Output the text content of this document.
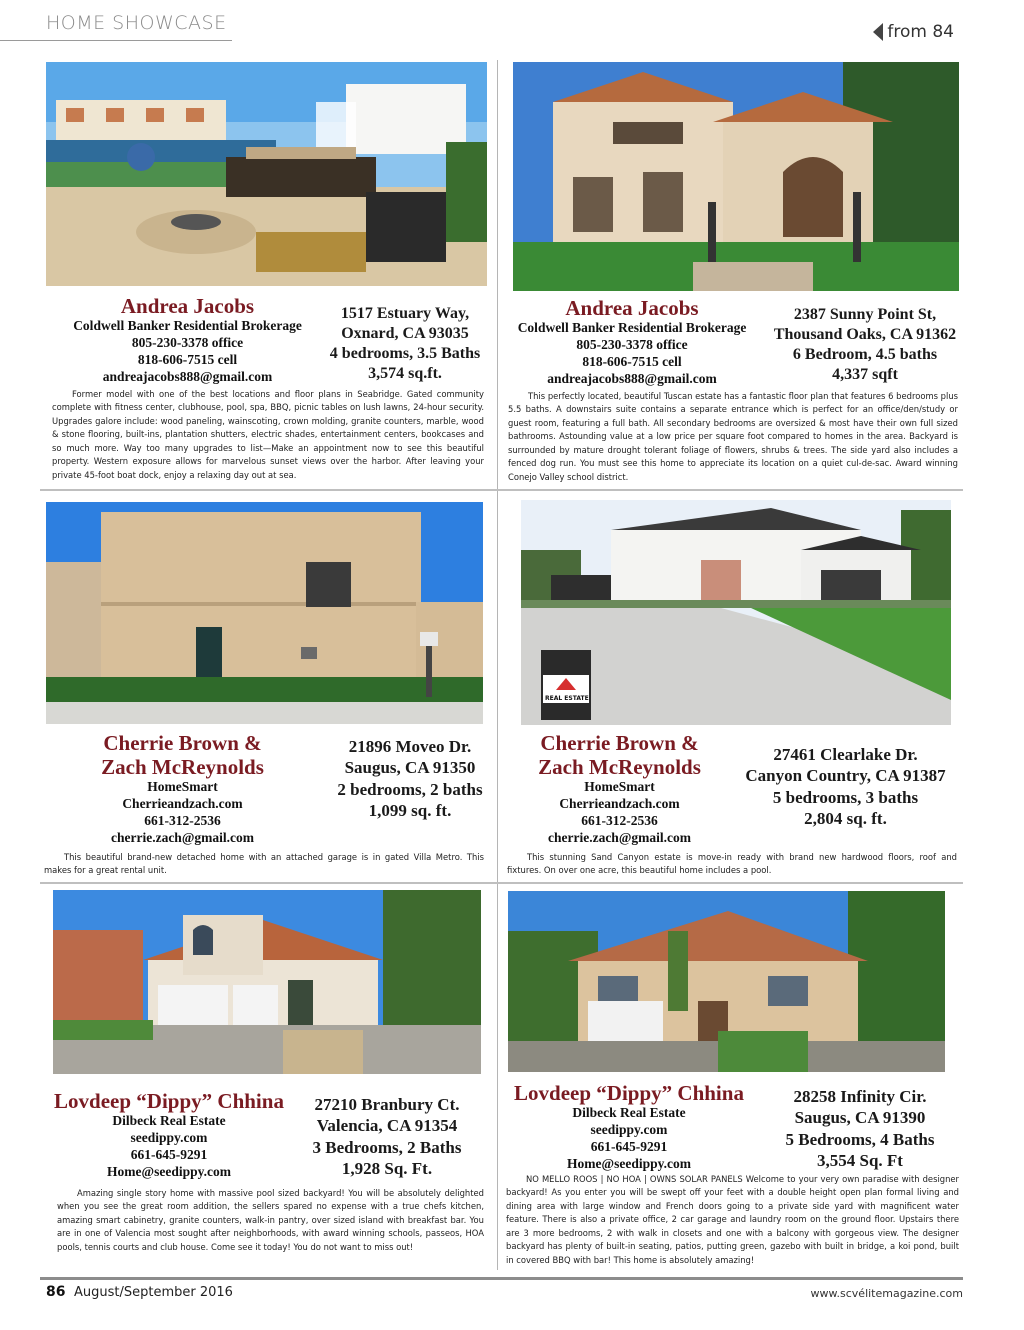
HOME SHOWCASE	from 84
Andrea Jacobs
Coldwell Banker Residential Brokerage
805-230-3378 office
818-606-7515 cell
andreajacobs888@gmail.com
1517 Estuary Way,
Oxnard, CA 93035
4 bedrooms, 3.5 Baths
3,574 sq.ft.
Former model with one of the best locations and floor plans in Seabridge. Gated community complete with fitness center, clubhouse, pool, spa, BBQ, picnic tables on lush lawns, 24-hour security. Upgrades galore include: wood paneling, wainscoting, crown molding, granite counters, marble, wood & stone flooring, built-ins, plantation shutters, electric shades, entertainment centers, bookcases and so much more. Way too many upgrades to list—Make an appointment now to see this beautiful property. Western exposure allows for marvelous sunset views over the harbor. After leaving your private 45-foot boat dock, enjoy a relaxing day out at sea.
Andrea Jacobs
Coldwell Banker Residential Brokerage
805-230-3378 office
818-606-7515 cell
andreajacobs888@gmail.com
2387 Sunny Point St,
Thousand Oaks, CA 91362
6 Bedroom, 4.5 baths
4,337 sqft
This perfectly located, beautiful Tuscan estate has a fantastic floor plan that features 6 bedrooms plus 5.5 baths. A downstairs suite contains a separate entrance which is perfect for an office/den/study or guest room, featuring a full bath. All secondary bedrooms are oversized & most have their own full sized bathrooms. Astounding value at a low price per square foot compared to homes in the area. Backyard is surrounded by mature drought tolerant foliage of flowers, shrubs & trees. The side yard also includes a fenced dog run. You must see this home to appreciate its location on a quiet cul-de-sac. Award winning Conejo Valley school district.
Cherrie Brown &
Zach McReynolds
HomeSmart
Cherrieandzach.com
661-312-2536
cherrie.zach@gmail.com
21896 Moveo Dr.
Saugus, CA 91350
2 bedrooms, 2 baths
1,099 sq. ft.
This beautiful brand-new detached home with an attached garage is in gated Villa Metro. This makes for a great rental unit.
REAL ESTATE
Cherrie Brown &
Zach McReynolds
HomeSmart
Cherrieandzach.com
661-312-2536
cherrie.zach@gmail.com
27461 Clearlake Dr.
Canyon Country, CA 91387
5 bedrooms, 3 baths
2,804 sq. ft.
This stunning Sand Canyon estate is move-in ready with brand new hardwood floors, roof and fixtures. On over one acre, this beautiful home includes a pool.
Lovdeep “Dippy” Chhina
Dilbeck Real Estate
seedippy.com
661-645-9291
Home@seedippy.com
27210 Branbury Ct.
Valencia, CA 91354
3 Bedrooms, 2 Baths
1,928 Sq. Ft.
Amazing single story home with massive pool sized backyard! You will be absolutely delighted when you see the great room addition, the sellers spared no expense with a true chefs kitchen, amazing smart cabinetry, granite counters, walk-in pantry, over sized island with breakfast bar. You are in one of Valencia most sought after neighborhoods, with award winning schools, passeos, HOA pools, tennis courts and club house. Come see it today! You do not want to miss out!
Lovdeep “Dippy” Chhina
Dilbeck Real Estate
seedippy.com
661-645-9291
Home@seedippy.com
28258 Infinity Cir.
Saugus, CA 91390
5 Bedrooms, 4 Baths
3,554 Sq. Ft
NO MELLO ROOS | NO HOA | OWNS SOLAR PANELS Welcome to your very own paradise with designer backyard! As you enter you will be swept off your feet with a double height open plan formal living and dining area with large window and French doors going to a private side yard with magnificent water feature. There is also a private office, 2 car garage and laundry room on the ground floor. Upstairs there are 3 more bedrooms, 2 with walk in closets and one with a balcony with gorgeous view. The designer backyard has plenty of built-in seating, patios, putting green, gazebo with built in bridge, a koi pond, built in covered BBQ with bar! This home is absolutely amazing!
86 August/September 2016	www.scvélitemagazine.com
